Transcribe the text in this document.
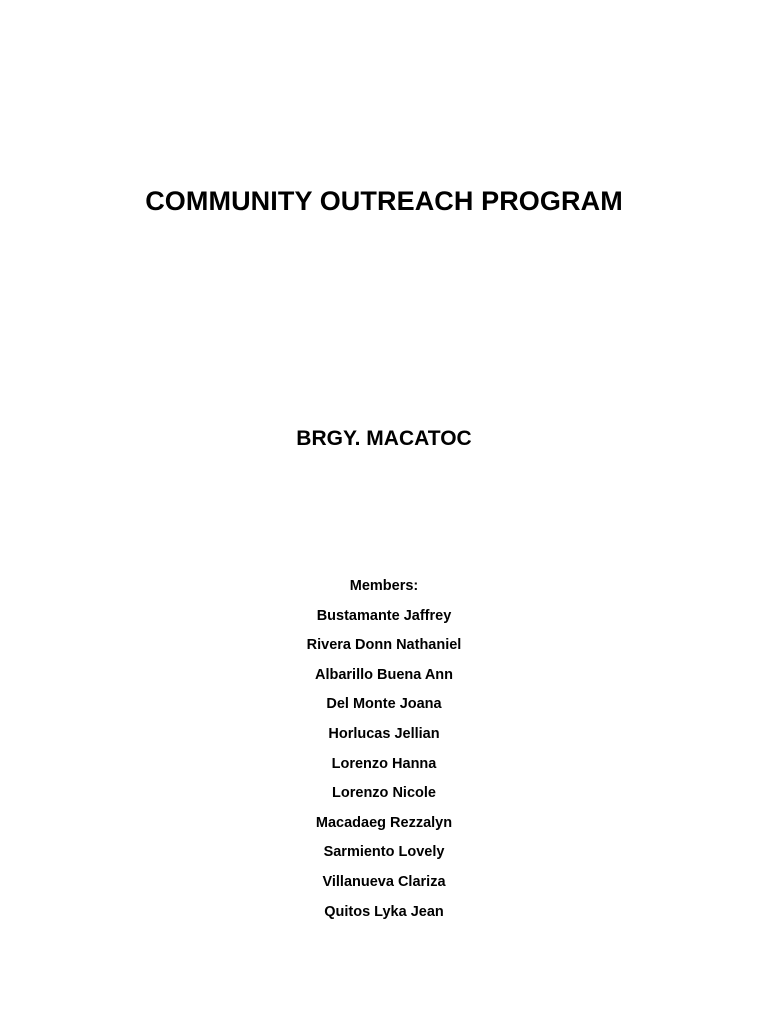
COMMUNITY OUTREACH PROGRAM
BRGY. MACATOC
Members:
Bustamante Jaffrey
Rivera Donn Nathaniel
Albarillo Buena Ann
Del Monte Joana
Horlucas Jellian
Lorenzo Hanna
Lorenzo Nicole
Macadaeg Rezzalyn
Sarmiento Lovely
Villanueva Clariza
Quitos Lyka Jean
